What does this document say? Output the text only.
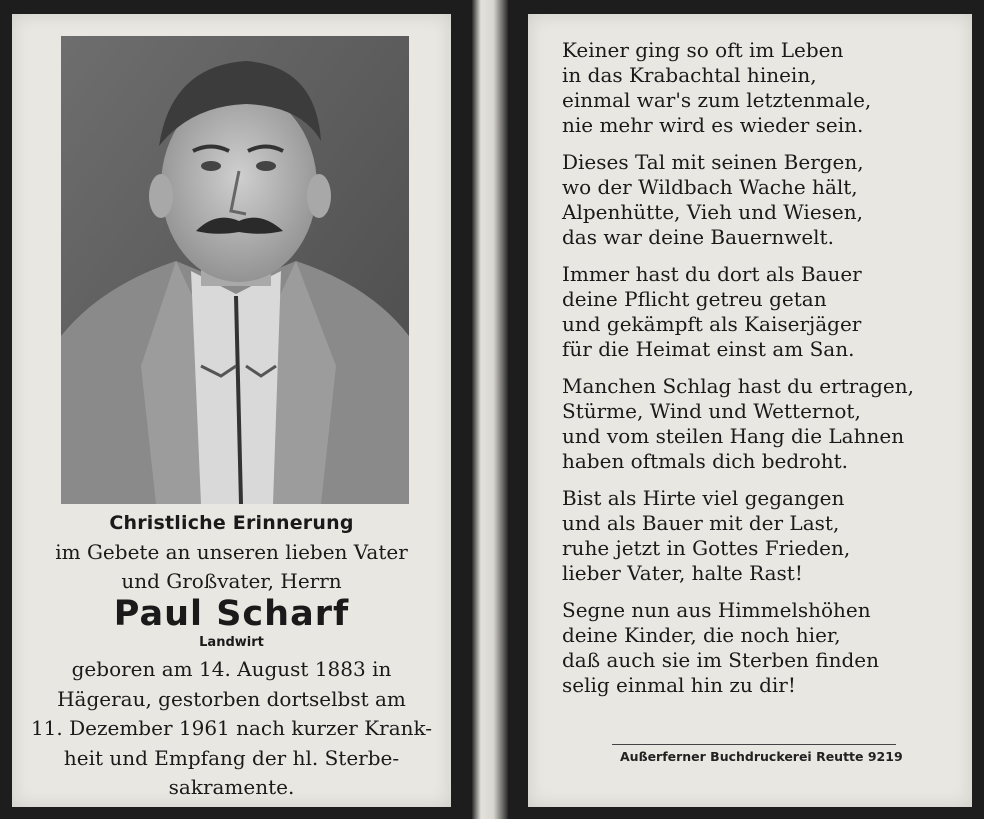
Christliche Erinnerung
im Gebete an unseren lieben Vater
und Großvater, Herrn
Paul Scharf
Landwirt
geboren am 14. August 1883 in
Hägerau, gestorben dortselbst am
11. Dezember 1961 nach kurzer Krank-
heit und Empfang der hl. Sterbe-
sakramente.
Keiner ging so oft im Leben
in das Krabachtal hinein,
einmal war's zum letztenmale,
nie mehr wird es wieder sein.
Dieses Tal mit seinen Bergen,
wo der Wildbach Wache hält,
Alpenhütte, Vieh und Wiesen,
das war deine Bauernwelt.
Immer hast du dort als Bauer
deine Pflicht getreu getan
und gekämpft als Kaiserjäger
für die Heimat einst am San.
Manchen Schlag hast du ertragen,
Stürme, Wind und Wetternot,
und vom steilen Hang die Lahnen
haben oftmals dich bedroht.
Bist als Hirte viel gegangen
und als Bauer mit der Last,
ruhe jetzt in Gottes Frieden,
lieber Vater, halte Rast!
Segne nun aus Himmelshöhen
deine Kinder, die noch hier,
daß auch sie im Sterben finden
selig einmal hin zu dir!
Außerferner Buchdruckerei Reutte 9219
